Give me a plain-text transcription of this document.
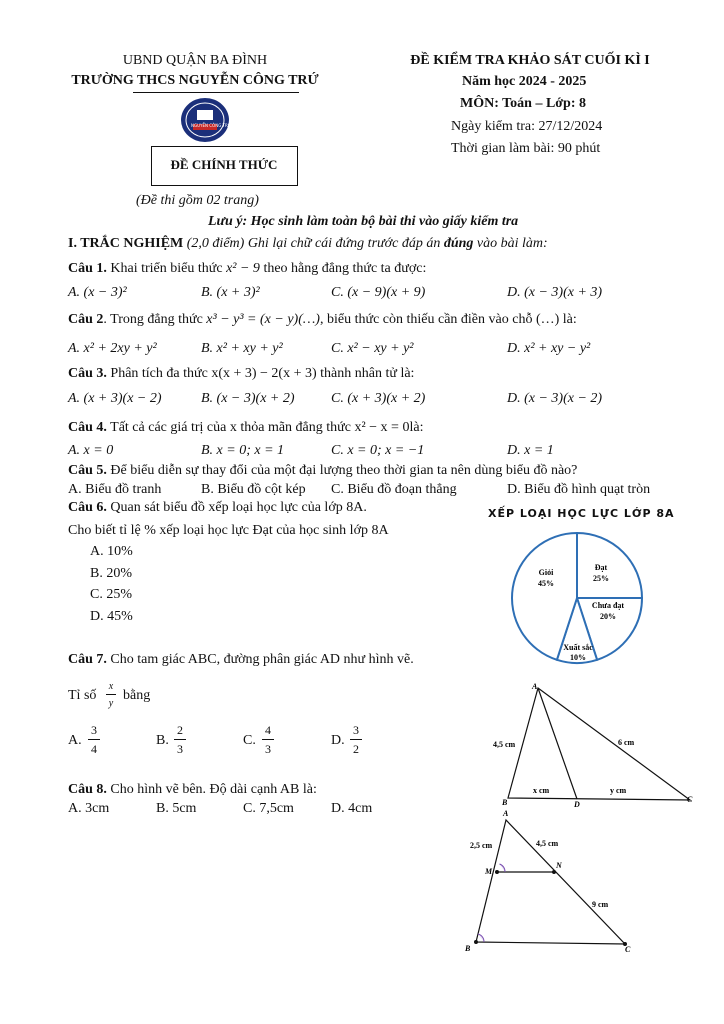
UBND QUẬN BA ĐÌNH
TRƯỜNG THCS NGUYỄN CÔNG TRỨ
NGUYỄN CÔNG TRỨ
ĐỀ CHÍNH THỨC
(Đề thi gồm 02 trang)
ĐỀ KIỂM TRA KHẢO SÁT CUỐI KÌ I
Năm học 2024 - 2025
MÔN: Toán – Lớp: 8
Ngày kiểm tra: 27/12/2024
Thời gian làm bài: 90 phút
Lưu ý: Học sinh làm toàn bộ bài thi vào giấy kiểm tra
I. TRẮC NGHIỆM (2,0 điểm) Ghi lại chữ cái đứng trước đáp án đúng vào bài làm:
Câu 1. Khai triển biểu thức x² − 9 theo hằng đẳng thức ta được:
A. (x − 3)²	B. (x + 3)²	C. (x − 9)(x + 9)	D. (x − 3)(x + 3)
Câu 2. Trong đẳng thức x³ − y³ = (x − y)(…), biểu thức còn thiếu cần điền vào chỗ (…) là:
A. x² + 2xy + y²	B. x² + xy + y²	C. x² − xy + y²	D. x² + xy − y²
Câu 3. Phân tích đa thức x(x + 3) − 2(x + 3) thành nhân tử là:
A. (x + 3)(x − 2)	B. (x − 3)(x + 2)	C. (x + 3)(x + 2)	D. (x − 3)(x − 2)
Câu 4. Tất cả các giá trị của x thỏa mãn đẳng thức x² − x = 0là:
A. x = 0	B. x = 0; x = 1	C. x = 0; x = −1	D. x = 1
Câu 5. Để biểu diễn sự thay đổi của một đại lượng theo thời gian ta nên dùng biểu đồ nào?
A. Biểu đồ tranh	B. Biểu đồ cột kép C. Biểu đồ đoạn thẳng	D. Biểu đồ hình quạt tròn
Câu 6. Quan sát biểu đồ xếp loại học lực của lớp 8A.
Cho biết tỉ lệ % xếp loại học lực Đạt của học sinh lớp 8A
A. 10%
B. 20%
C. 25%
D. 45%
XẾP LOẠI HỌC LỰC LỚP 8A
Giỏi
45%
Đạt
25%
Chưa đạt
20%
Xuất sắc
10%
Câu 7. Cho tam giác ABC, đường phân giác AD như hình vẽ.
Tỉ số
x
y
bằng
A.
3
4
B.
2
3
C.
4
3
D.
3
2
A
B	C
D
4,5 cm	6 cm
x cm	y cm
Câu 8. Cho hình vẽ bên. Độ dài cạnh AB là:
A. 3cm	B. 5cm	C. 7,5cm	D. 4cm	A
M
N
B	C
2,5 cm	4,5 cm
9 cm
